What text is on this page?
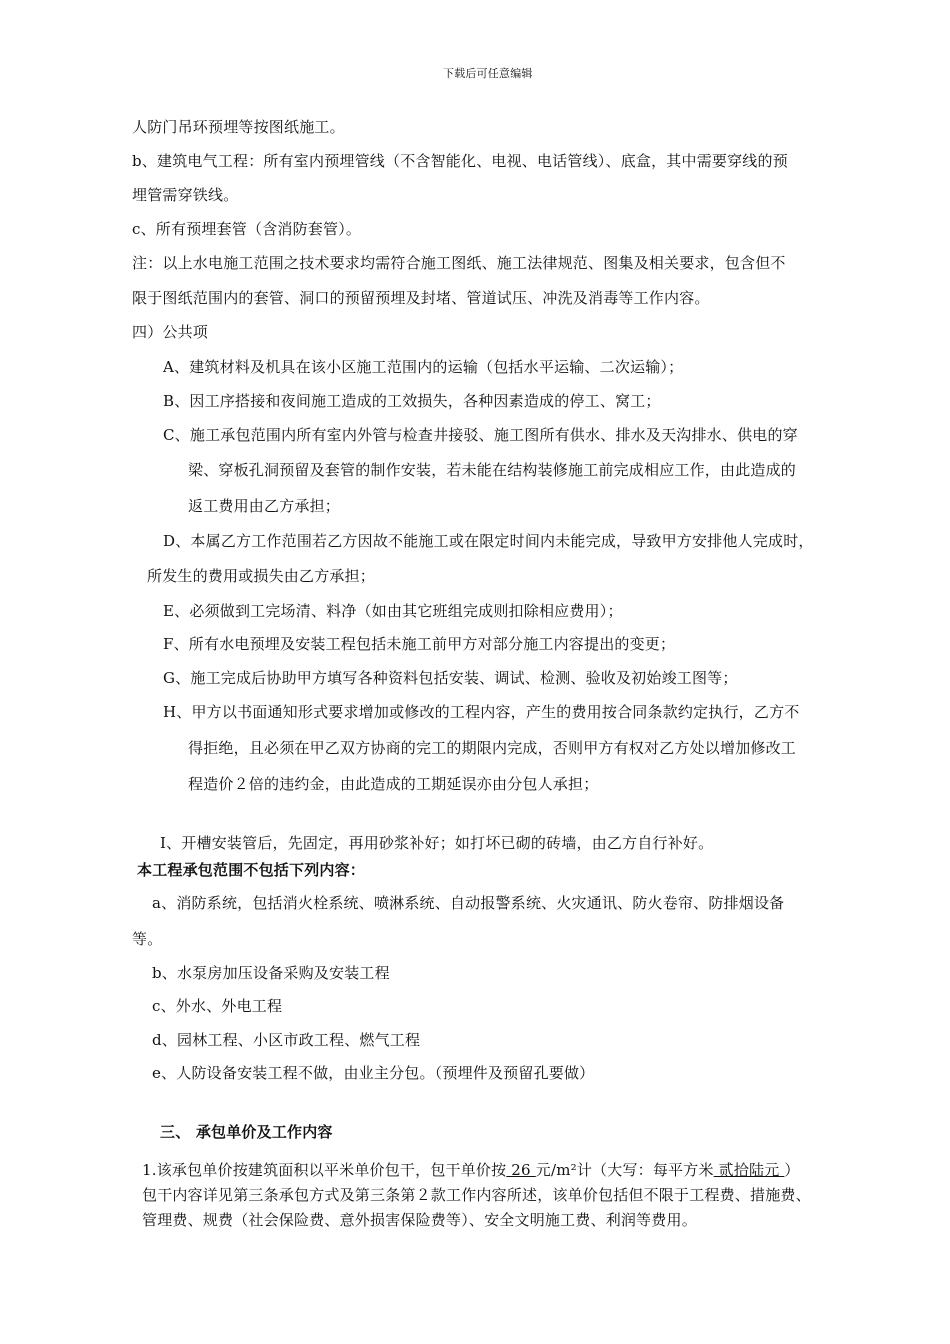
下载后可任意编辑
人防门吊环预埋等按图纸施工。
b、建筑电气工程：所有室内预埋管线（不含智能化、电视、电话管线）、底盒，其中需要穿线的预
埋管需穿铁线。
c、所有预埋套管（含消防套管）。
注：以上水电施工范围之技术要求均需符合施工图纸、施工法律规范、图集及相关要求，包含但不
限于图纸范围内的套管、洞口的预留预埋及封堵、管道试压、冲洗及消毒等工作内容。
四）公共项
A、建筑材料及机具在该小区施工范围内的运输（包括水平运输、二次运输）；
B、因工序搭接和夜间施工造成的工效损失，各种因素造成的停工、窝工；
C、施工承包范围内所有室内外管与检查井接驳、施工图所有供水、排水及天沟排水、供电的穿
梁、穿板孔洞预留及套管的制作安装，若未能在结构装修施工前完成相应工作，由此造成的
返工费用由乙方承担；
D、本属乙方工作范围若乙方因故不能施工或在限定时间内未能完成，导致甲方安排他人完成时，
所发生的费用或损失由乙方承担；
E、必须做到工完场清、料净（如由其它班组完成则扣除相应费用）；
F、所有水电预埋及安装工程包括未施工前甲方对部分施工内容提出的变更；
G、施工完成后协助甲方填写各种资料包括安装、调试、检测、验收及初始竣工图等；
H、甲方以书面通知形式要求增加或修改的工程内容，产生的费用按合同条款约定执行，乙方不
得拒绝，且必须在甲乙双方协商的完工的期限内完成，否则甲方有权对乙方处以增加修改工
程造价２倍的违约金，由此造成的工期延误亦由分包人承担；
I、开槽安装管后，先固定，再用砂浆补好；如打坏已砌的砖墙，由乙方自行补好。
本工程承包范围不包括下列内容：
a、消防系统，包括消火栓系统、喷淋系统、自动报警系统、火灾通讯、防火卷帘、防排烟设备
等。
b、水泵房加压设备采购及安装工程
c、外水、外电工程
d、园林工程、小区市政工程、燃气工程
e、人防设备安装工程不做，由业主分包。（预埋件及预留孔要做）
三、 承包单价及工作内容
1.该承包单价按建筑面积以平米单价包干，包干单价按 26 元/m²计（大写：每平方米 贰拾陆元 ）
包干内容详见第三条承包方式及第三条第２款工作内容所述，该单价包括但不限于工程费、措施费、
管理费、规费（社会保险费、意外损害保险费等）、安全文明施工费、利润等费用。
